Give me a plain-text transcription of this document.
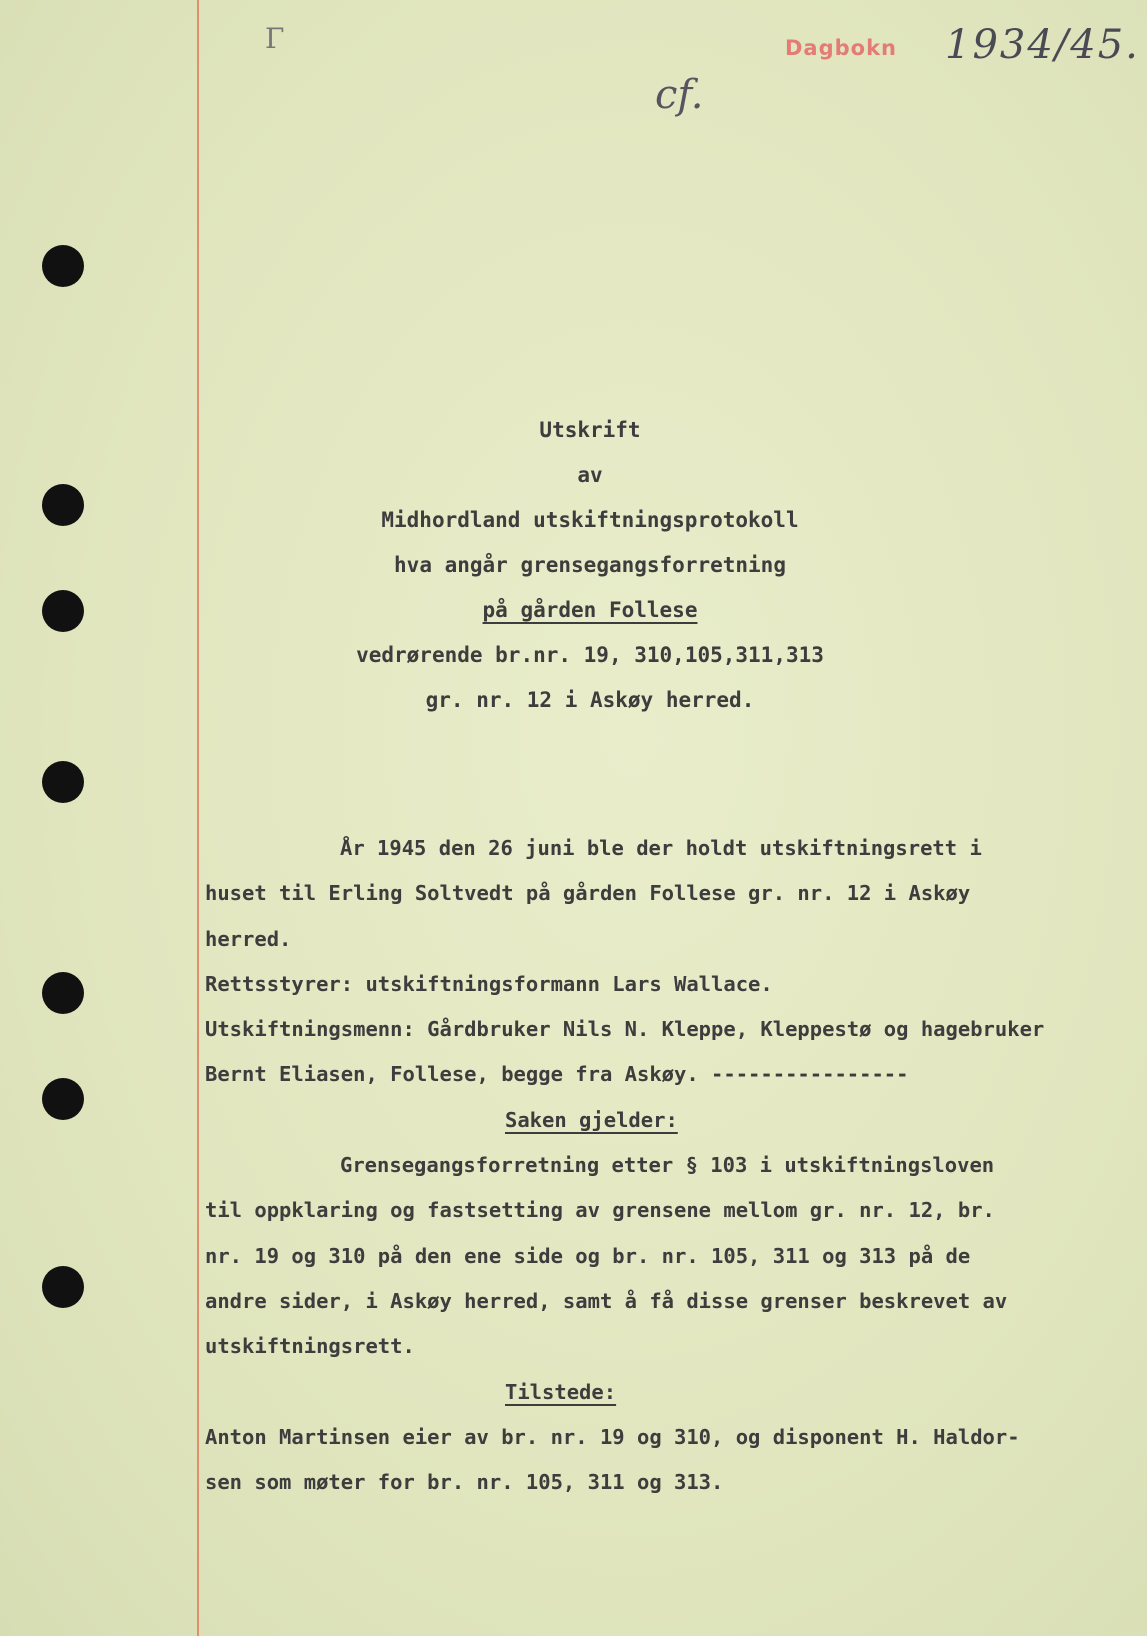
Γ	Dagbokn 1934/45.
cf.
Utskrift
av
Midhordland utskiftningsprotokoll
hva angår grensegangsforretning
på gården Follese
vedrørende br.nr. 19, 310,105,311,313
gr. nr. 12 i Askøy herred.
År 1945 den 26 juni ble der holdt utskiftningsrett i
huset til Erling Soltvedt på gården Follese gr. nr. 12 i Askøy
herred.
Rettsstyrer: utskiftningsformann Lars Wallace.
Utskiftningsmenn: Gårdbruker Nils N. Kleppe, Kleppestø og hagebruker
Bernt Eliasen, Follese, begge fra Askøy. ----------------
Saken gjelder:
Grensegangsforretning etter § 103 i utskiftningsloven
til oppklaring og fastsetting av grensene mellom gr. nr. 12, br.
nr. 19 og 310 på den ene side og br. nr. 105, 311 og 313 på de
andre sider, i Askøy herred, samt å få disse grenser beskrevet av
utskiftningsrett.
Tilstede:
Anton Martinsen eier av br. nr. 19 og 310, og disponent H. Haldor-
sen som møter for br. nr. 105, 311 og 313.
